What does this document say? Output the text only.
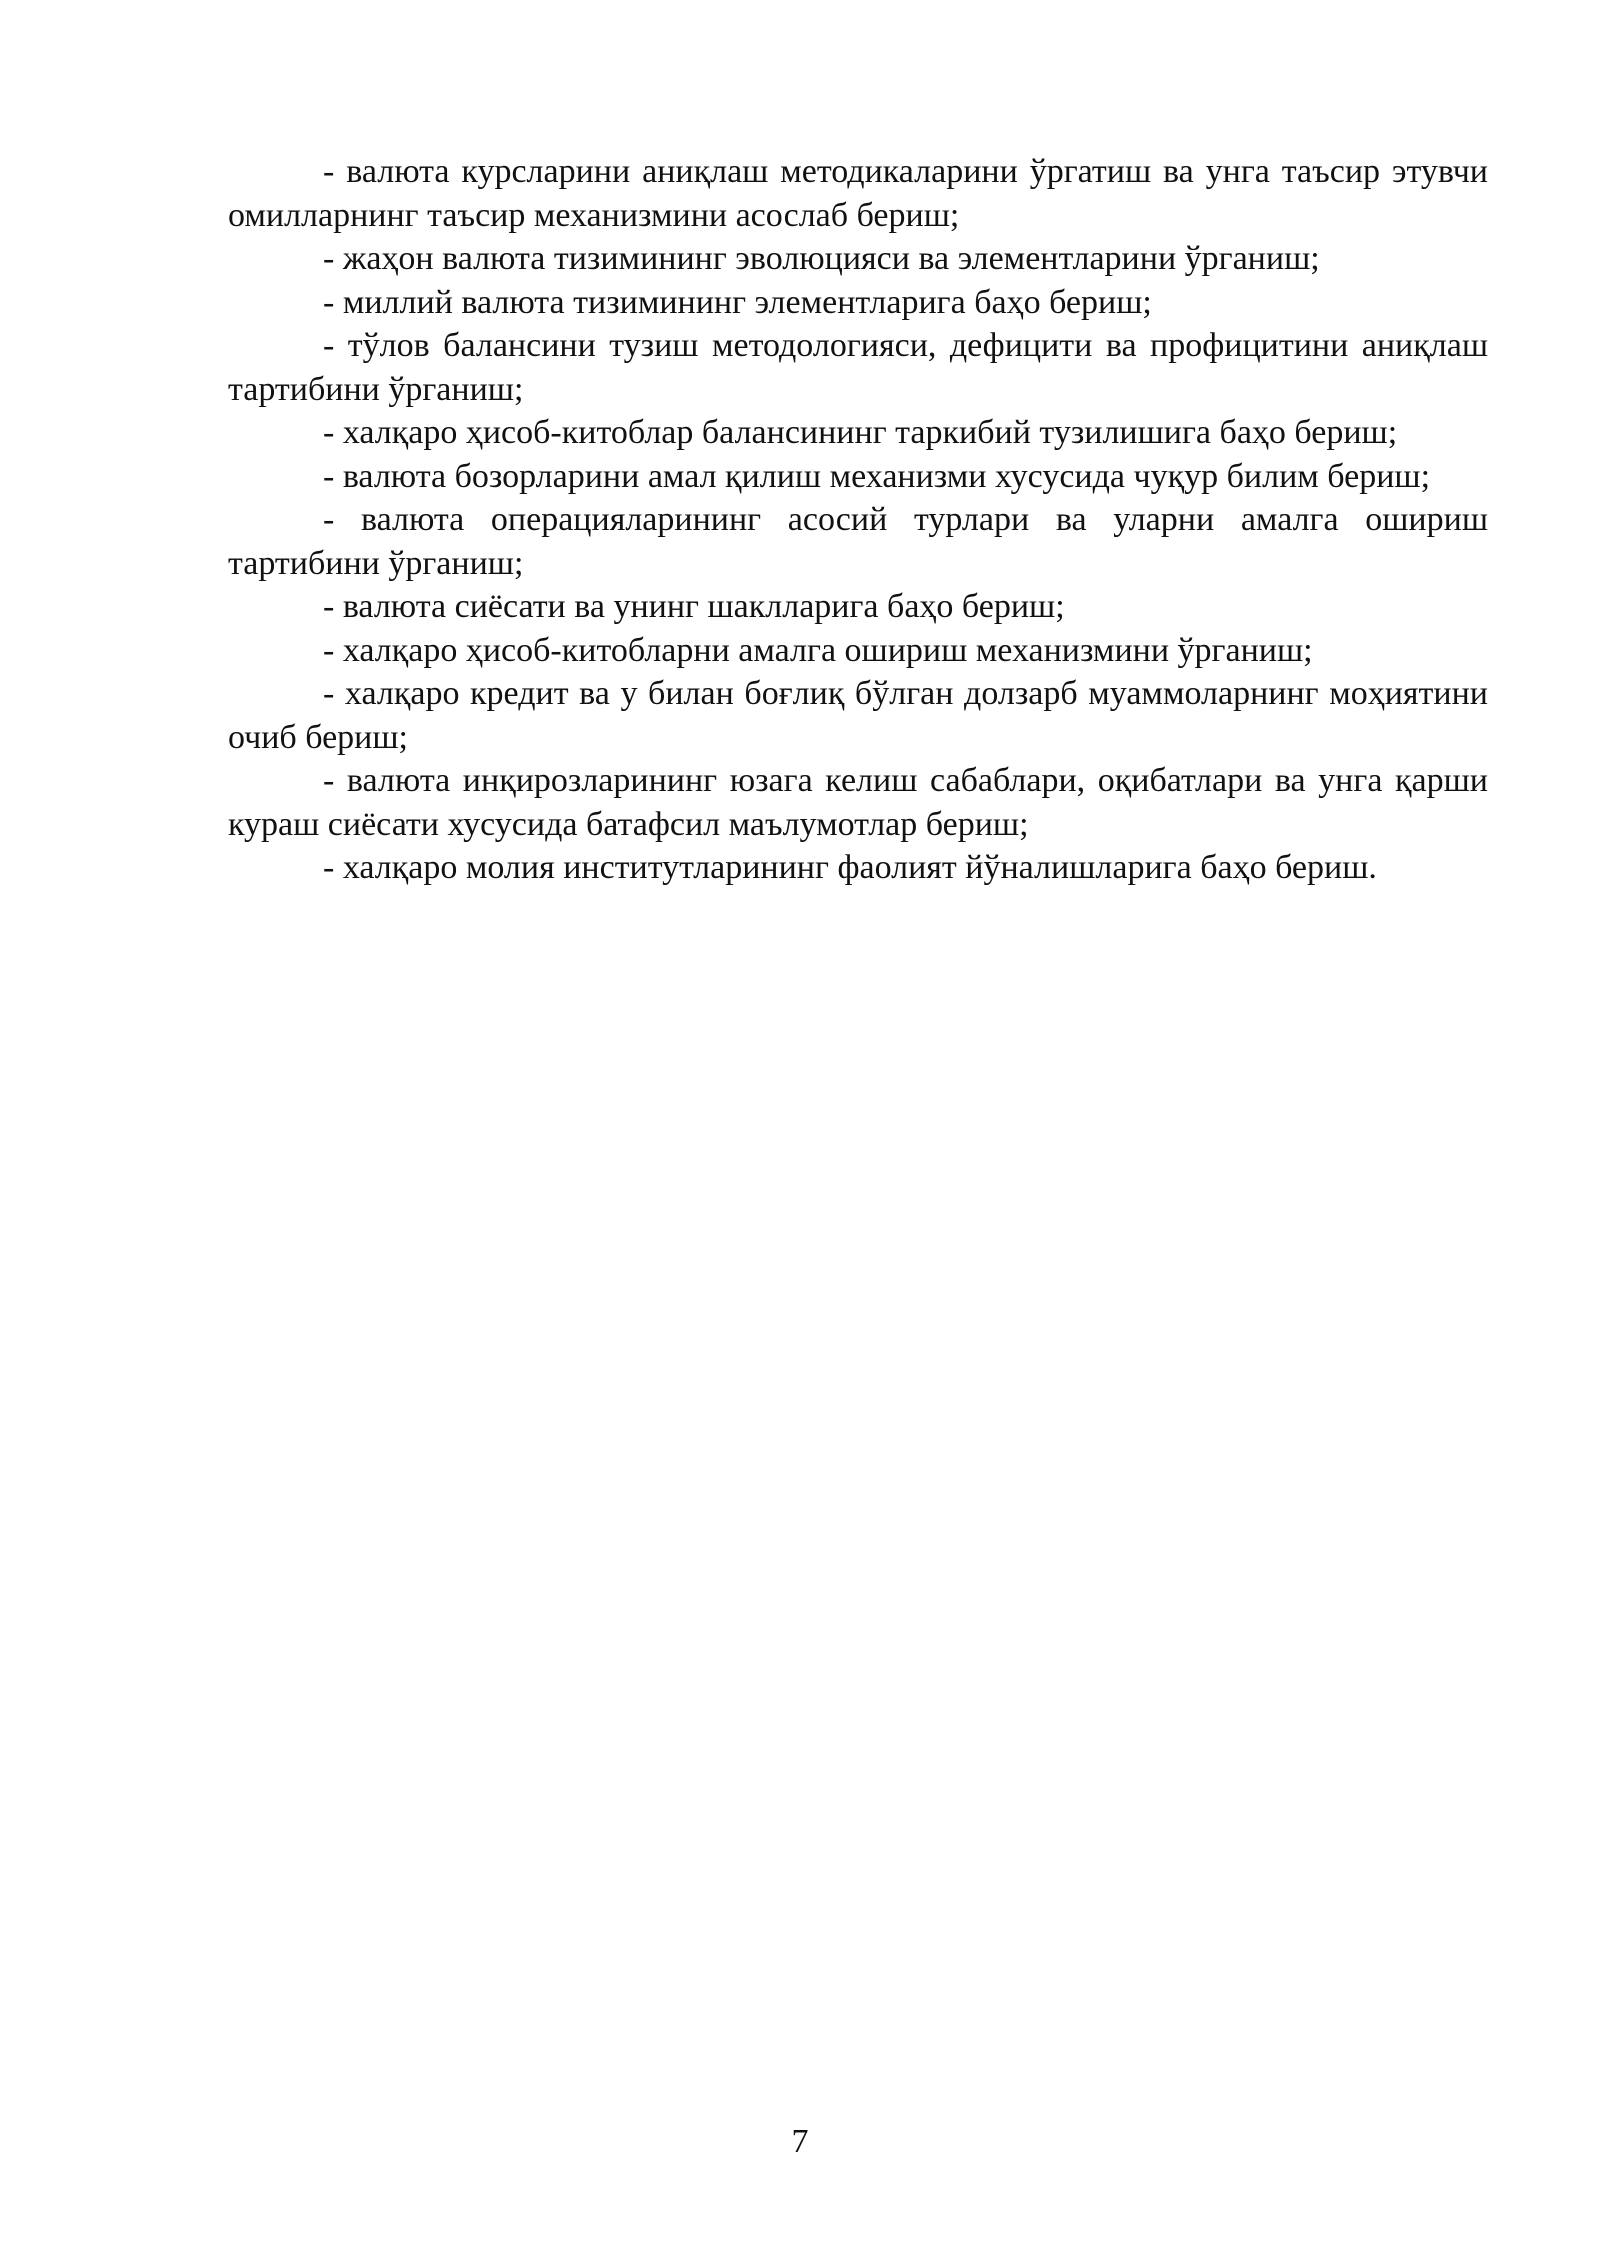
- валюта курсларини аниқлаш методикаларини ўргатиш ва унга таъсир этувчи омилларнинг таъсир механизмини асослаб бериш;

- жаҳон валюта тизимининг эволюцияси ва элементларини ўрганиш;

- миллий валюта тизимининг элементларига баҳо бериш;

- тўлов балансини тузиш методологияси, дефицити ва профицитини аниқлаш тартибини ўрганиш;

- халқаро ҳисоб-китоблар балансининг таркибий тузилишига баҳо бериш;

- валюта бозорларини амал қилиш механизми хусусида чуқур билим бериш;

- валюта операцияларининг асосий турлари ва уларни амалга ошириш тартибини ўрганиш;

- валюта сиёсати ва унинг шаклларига баҳо бериш;

- халқаро ҳисоб-китобларни амалга ошириш механизмини ўрганиш;

- халқаро кредит ва у билан боғлиқ бўлган долзарб муаммоларнинг моҳиятини очиб бериш;

- валюта инқирозларининг юзага келиш сабаблари, оқибатлари ва унга қарши кураш сиёсати хусусида батафсил маълумотлар бериш;

- халқаро молия институтларининг фаолият йўналишларига баҳо бериш.

7
